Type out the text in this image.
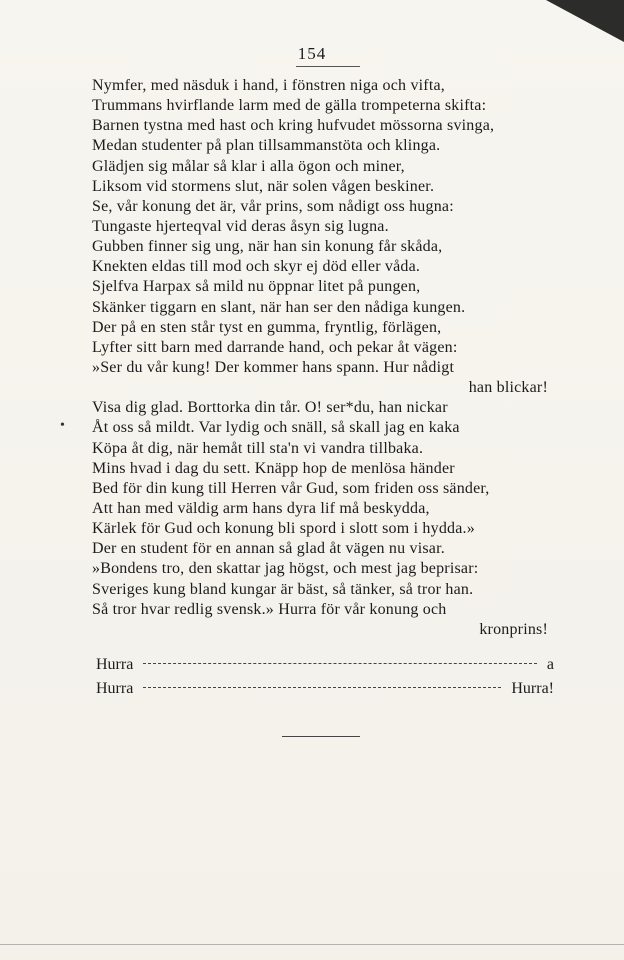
154
Nymfer, med näsduk i hand, i fönstren niga och vifta,
Trummans hvirflande larm med de gälla trompeterna skifta:
Barnen tystna med hast och kring hufvudet mössorna svinga,
Medan studenter på plan tillsammanstöta och klinga.
Glädjen sig målar så klar i alla ögon och miner,
Liksom vid stormens slut, när solen vågen beskiner.
Se, vår konung det är, vår prins, som nådigt oss hugna:
Tungaste hjerteqval vid deras åsyn sig lugna.
Gubben finner sig ung, när han sin konung får skåda,
Knekten eldas till mod och skyr ej död eller våda.
Sjelfva Harpax så mild nu öppnar litet på pungen,
Skänker tiggarn en slant, när han ser den nådiga kungen.
Der på en sten står tyst en gumma, fryntlig, förlägen,
Lyfter sitt barn med darrande hand, och pekar åt vägen:
»Ser du vår kung! Der kommer hans spann. Hur nådigt
han blickar!
Visa dig glad. Borttorka din tår. O! ser*du, han nickar
Åt oss så mildt. Var lydig och snäll, så skall jag en kaka
Köpa åt dig, när hemåt till sta'n vi vandra tillbaka.
Mins hvad i dag du sett. Knäpp hop de menlösa händer
Bed för din kung till Herren vår Gud, som friden oss sänder,
Att han med väldig arm hans dyra lif må beskydda,
Kärlek för Gud och konung bli spord i slott som i hydda.»
Der en student för en annan så glad åt vägen nu visar.
»Bondens tro, den skattar jag högst, och mest jag beprisar:
Sveriges kung bland kungar är bäst, så tänker, så tror han.
Så tror hvar redlig svensk.» Hurra för vår konung och
kronprins!
Hurra	a
Hurra	Hurra!
•
